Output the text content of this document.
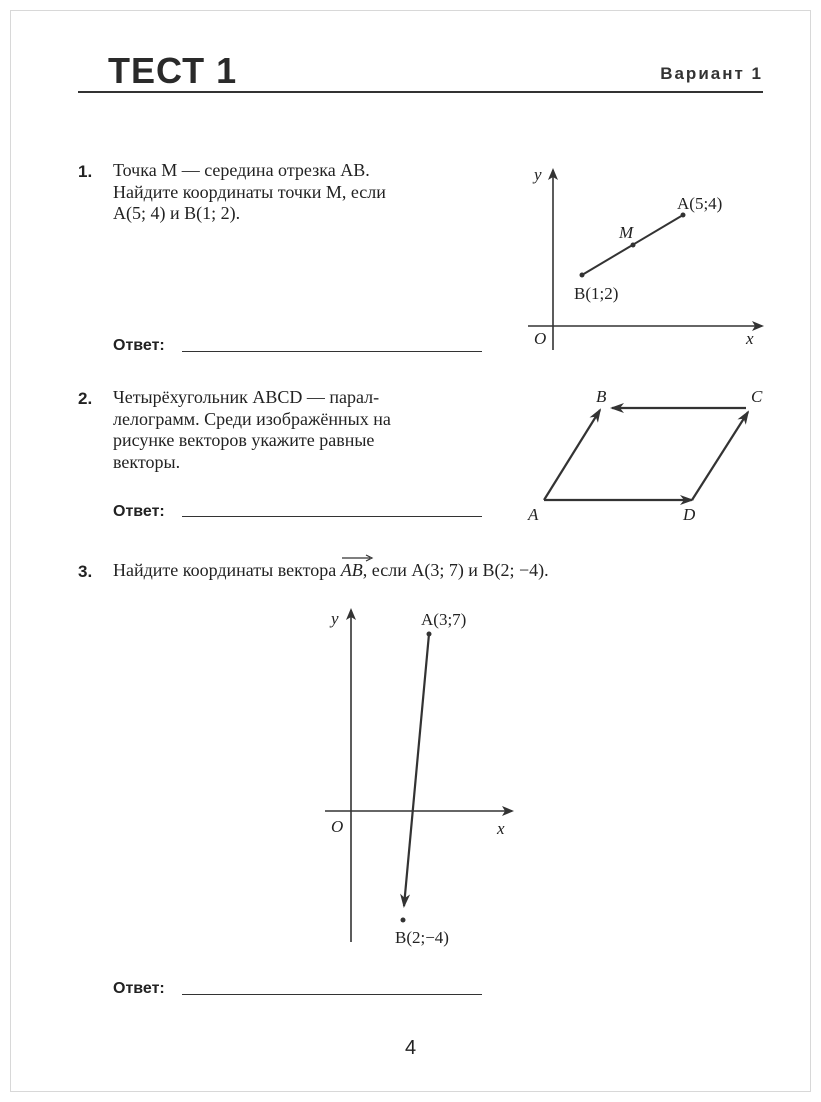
ТЕСТ 1	Вариант 1
1. Точка M — середина отрезка AB.
Найдите координаты точки M, если
A(5; 4) и B(1; 2).
Ответ:
y
x
O
A(5;4)
M
B(1;2)
2. Четырёхугольник ABCD — парал-
лелограмм. Среди изображённых на
рисунке векторов укажите равные
векторы.
Ответ:	A
B	C
D
3. Найдите координаты вектора
AB, если A(3; 7) и B(2; −4).
y
x
O
A(3;7)
B(2;−4)
Ответ:
4
